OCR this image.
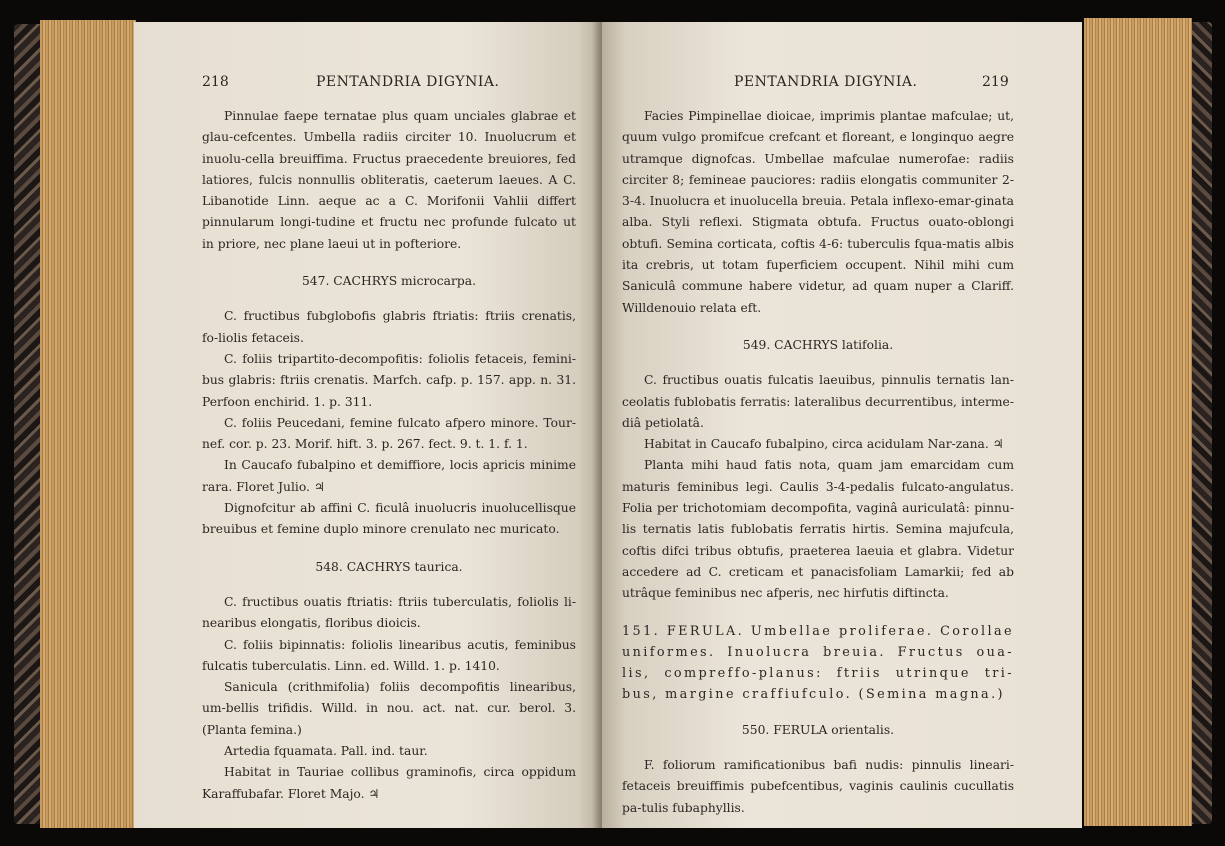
218	PENTANDRIA DIGYNIA.

Pinnulae faepe ternatae plus quam unciales glabrae et glau-cefcentes. Umbella radiis circiter 10. Inuolucrum et inuolu-cella breuiffima. Fructus praecedente breuiores, fed latiores, fulcis nonnullis obliteratis, caeterum laeues. A C. Libanotide Linn. aeque ac a C. Morifonii Vahlii differt pinnularum longi-tudine et fructu nec profunde fulcato ut in priore, nec plane laeui ut in pofteriore.

547. CACHRYS microcarpa.

C. fructibus fubglobofis glabris ftriatis: ftriis crenatis, fo-liolis fetaceis.

C. foliis tripartito-decompofitis: foliolis fetaceis, femini-bus glabris: ftriis crenatis. Marfch. cafp. p. 157. app. n. 31. Perfoon enchirid. 1. p. 311.

C. foliis Peucedani, femine fulcato afpero minore. Tour-nef. cor. p. 23. Morif. hift. 3. p. 267. fect. 9. t. 1. f. 1.

In Caucafo fubalpino et demiffiore, locis apricis minime rara. Floret Julio. ♃

Dignofcitur ab affini C. ficulâ inuolucris inuolucellisque breuibus et femine duplo minore crenulato nec muricato.

548. CACHRYS taurica.

C. fructibus ouatis ftriatis: ftriis tuberculatis, foliolis li-nearibus elongatis, floribus dioicis.

C. foliis bipinnatis: foliolis linearibus acutis, feminibus fulcatis tuberculatis. Linn. ed. Willd. 1. p. 1410.

Sanicula (crithmifolia) foliis decompofitis linearibus, um-bellis trifidis. Willd. in nou. act. nat. cur. berol. 3. (Planta femina.)

Artedia fquamata. Pall. ind. taur.

Habitat in Tauriae collibus graminofis, circa oppidum Karaffubafar. Floret Majo. ♃

PENTANDRIA DIGYNIA.	219

Facies Pimpinellae dioicae, imprimis plantae mafculae; ut, quum vulgo promifcue crefcant et floreant, e longinquo aegre utramque dignofcas. Umbellae mafculae numerofae: radiis circiter 8; femineae pauciores: radiis elongatis communiter 2-3-4. Inuolucra et inuolucella breuia. Petala inflexo-emar-ginata alba. Styli reflexi. Stigmata obtufa. Fructus ouato-oblongi obtufi. Semina corticata, coftis 4-6: tuberculis fqua-matis albis ita crebris, ut totam fuperficiem occupent. Nihil mihi cum Saniculâ commune habere videtur, ad quam nuper a Clariff. Willdenouio relata eft.

549. CACHRYS latifolia.

C. fructibus ouatis fulcatis laeuibus, pinnulis ternatis lan-ceolatis fublobatis ferratis: lateralibus decurrentibus, interme-diâ petiolatâ.

Habitat in Caucafo fubalpino, circa acidulam Nar-zana. ♃

Planta mihi haud fatis nota, quam jam emarcidam cum maturis feminibus legi. Caulis 3-4-pedalis fulcato-angulatus. Folia per trichotomiam decompofita, vaginâ auriculatâ: pinnu-lis ternatis latis fublobatis ferratis hirtis. Semina majufcula, coftis difci tribus obtufis, praeterea laeuia et glabra. Videtur accedere ad C. creticam et panacisfoliam Lamarkii; fed ab utrâque feminibus nec afperis, nec hirfutis diftincta.

151. FERULA. Umbellae proliferae. Corollae uniformes. Inuolucra breuia. Fructus oua-lis, compreffo-planus: ftriis utrinque tri-bus, margine craffiufculo. (Semina magna.)

550. FERULA orientalis.

F. foliorum ramificationibus bafi nudis: pinnulis lineari-fetaceis breuiffimis pubefcentibus, vaginis caulinis cucullatis pa-tulis fubaphyllis.
